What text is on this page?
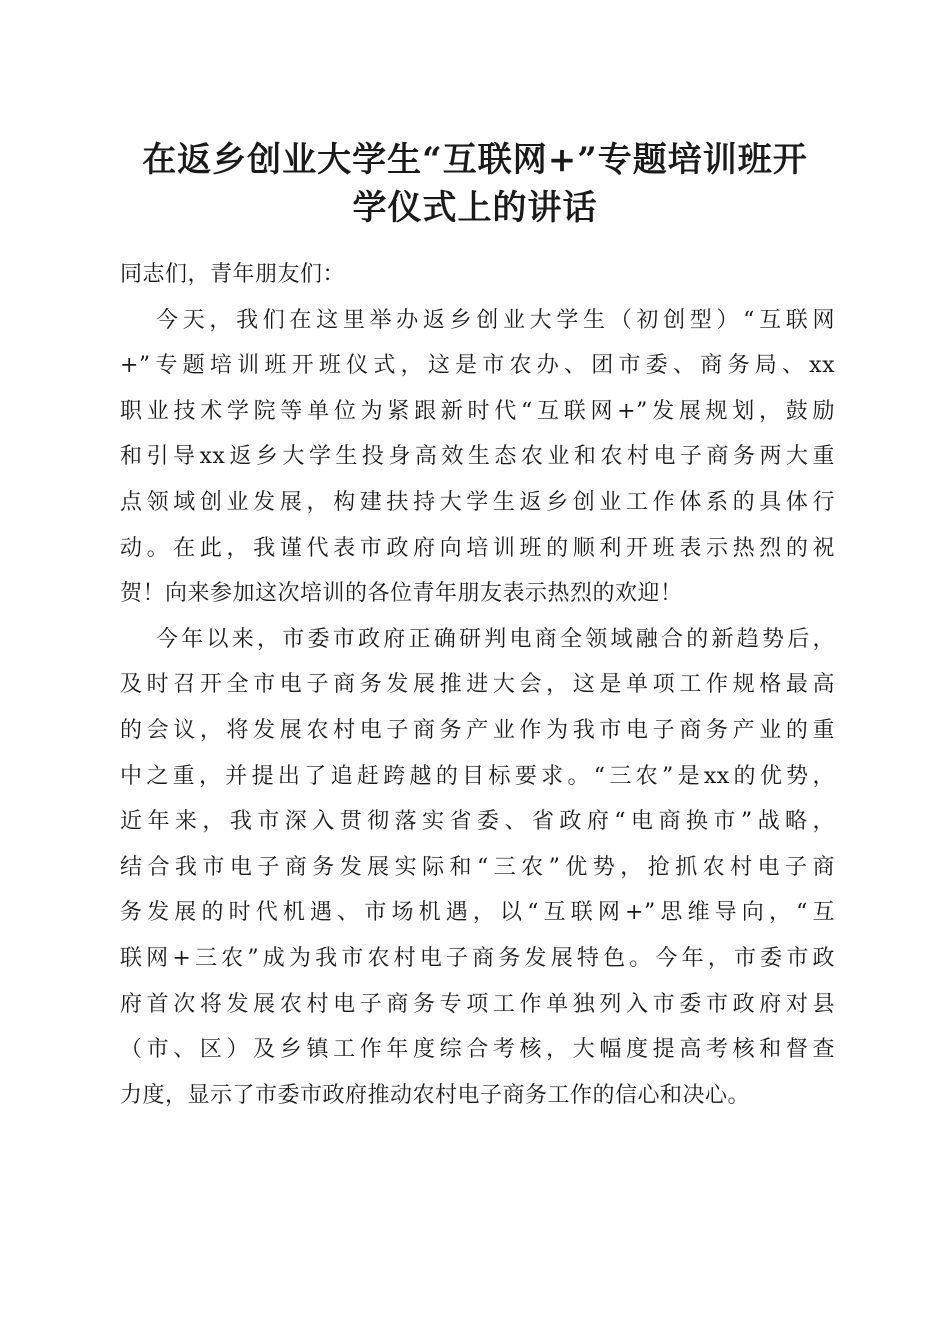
在返乡创业大学生“互联网+”专题培训班开
学仪式上的讲话
同志们，青年朋友们：
今天，我们在这里举办返乡创业大学生（初创型）“互联网
+”专题培训班开班仪式，这是市农办、团市委、商务局、xx
职业技术学院等单位为紧跟新时代“互联网+”发展规划，鼓励
和引导xx返乡大学生投身高效生态农业和农村电子商务两大重
点领域创业发展，构建扶持大学生返乡创业工作体系的具体行
动。在此，我谨代表市政府向培训班的顺利开班表示热烈的祝
贺！向来参加这次培训的各位青年朋友表示热烈的欢迎！
今年以来，市委市政府正确研判电商全领域融合的新趋势后，
及时召开全市电子商务发展推进大会，这是单项工作规格最高
的会议，将发展农村电子商务产业作为我市电子商务产业的重
中之重，并提出了追赶跨越的目标要求。“三农”是xx的优势，
近年来，我市深入贯彻落实省委、省政府“电商换市”战略，
结合我市电子商务发展实际和“三农”优势，抢抓农村电子商
务发展的时代机遇、市场机遇，以“互联网+”思维导向，“互
联网+三农”成为我市农村电子商务发展特色。今年，市委市政
府首次将发展农村电子商务专项工作单独列入市委市政府对县
（市、区）及乡镇工作年度综合考核，大幅度提高考核和督查
力度，显示了市委市政府推动农村电子商务工作的信心和决心。
